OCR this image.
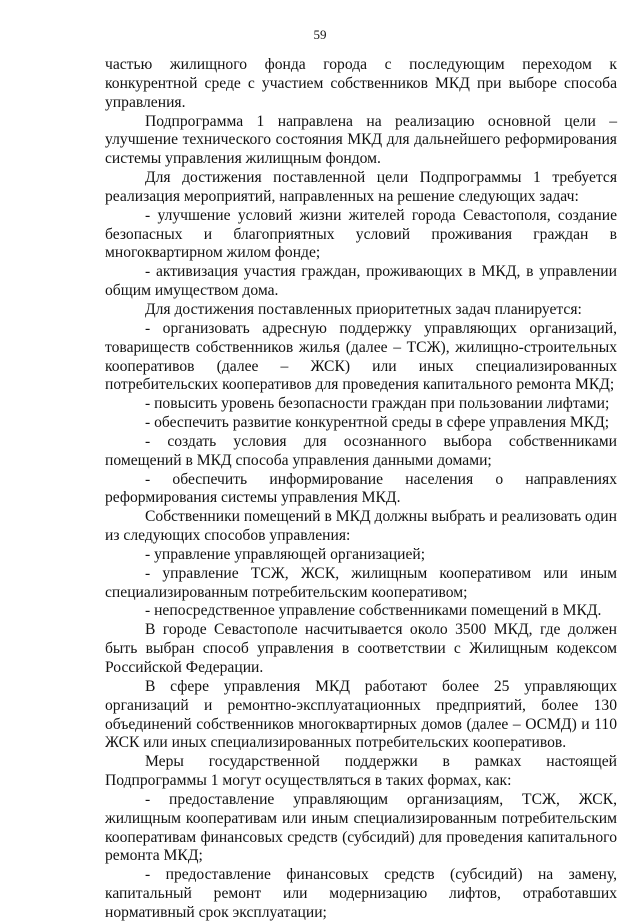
59

частью жилищного фонда города с последующим переходом к конкурентной среде с участием собственников МКД при выборе способа управления.

Подпрограмма 1 направлена на реализацию основной цели – улучшение технического состояния МКД для дальнейшего реформирования системы управления жилищным фондом.

Для достижения поставленной цели Подпрограммы 1 требуется реализация мероприятий, направленных на решение следующих задач:

- улучшение условий жизни жителей города Севастополя, создание безопасных и благоприятных условий проживания граждан в многоквартирном жилом фонде;

- активизация участия граждан, проживающих в МКД, в управлении общим имуществом дома.

Для достижения поставленных приоритетных задач планируется:

- организовать адресную поддержку управляющих организаций, товариществ собственников жилья (далее – ТСЖ), жилищно-строительных кооперативов (далее – ЖСК) или иных специализированных потребительских кооперативов для проведения капитального ремонта МКД;

- повысить уровень безопасности граждан при пользовании лифтами;

- обеспечить развитие конкурентной среды в сфере управления МКД;

- создать условия для осознанного выбора собственниками помещений в МКД способа управления данными домами;

- обеспечить информирование населения о направлениях реформирования системы управления МКД.

Собственники помещений в МКД должны выбрать и реализовать один из следующих способов управления:

- управление управляющей организацией;

- управление ТСЖ, ЖСК, жилищным кооперативом или иным специализированным потребительским кооперативом;

- непосредственное управление собственниками помещений в МКД.

В городе Севастополе насчитывается около 3500 МКД, где должен быть выбран способ управления в соответствии с Жилищным кодексом Российской Федерации.

В сфере управления МКД работают более 25 управляющих организаций и ремонтно-эксплуатационных предприятий, более 130 объединений собственников многоквартирных домов (далее – ОСМД) и 110 ЖСК или иных специализированных потребительских кооперативов.

Меры государственной поддержки в рамках настоящей Подпрограммы 1 могут осуществляться в таких формах, как:

- предоставление управляющим организациям, ТСЖ, ЖСК, жилищным кооперативам или иным специализированным потребительским кооперативам финансовых средств (субсидий) для проведения капитального ремонта МКД;

- предоставление финансовых средств (субсидий) на замену, капитальный ремонт или модернизацию лифтов, отработавших нормативный срок эксплуатации;
